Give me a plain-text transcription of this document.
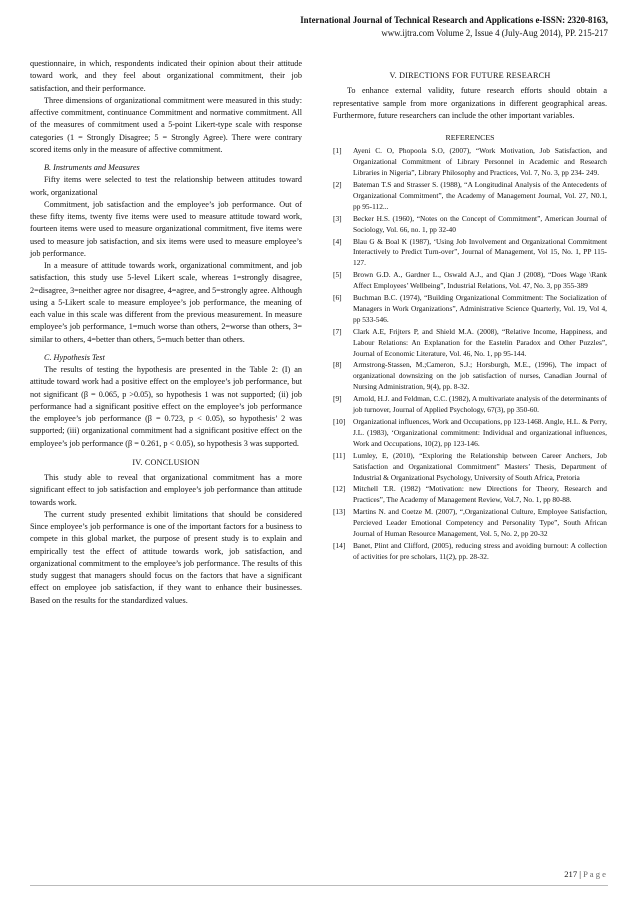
International Journal of Technical Research and Applications e-ISSN: 2320-8163,
www.ijtra.com Volume 2, Issue 4 (July-Aug 2014), PP. 215-217

questionnaire, in which, respondents indicated their opinion about their attitude toward work, and they feel about organizational commitment, their job satisfaction, and their performance.

Three dimensions of organizational commitment were measured in this study: affective commitment, continuance Commitment and normative commitment. All of the measures of commitment used a 5-point Likert-type scale with response categories (1 = Strongly Disagree; 5 = Strongly Agree). There were contrary scored items only in the measure of affective commitment.

B. Instruments and Measures

Fifty items were selected to test the relationship between attitudes toward work, organizational

Commitment, job satisfaction and the employee’s job performance. Out of these fifty items, twenty five items were used to measure attitude toward work, fourteen items were used to measure organizational commitment, five items were used to measure job satisfaction, and six items were used to measure employee’s job performance.

In a measure of attitude towards work, organizational commitment, and job satisfaction, this study use 5-level Likert scale, whereas 1=strongly disagree, 2=disagree, 3=neither agree nor disagree, 4=agree, and 5=strongly agree. Although using a 5-Likert scale to measure employee’s job performance, the meaning of each value in this scale was different from the previous measurement. In measure employee’s job performance, 1=much worse than others, 2=worse than others, 3= similar to others, 4=better than others, 5=much better than others.

C. Hypothesis Test

The results of testing the hypothesis are presented in the Table 2: (I) an attitude toward work had a positive effect on the employee’s job performance, but not significant (β = 0.065, p >0.05), so hypothesis 1 was not supported; (ii) job performance had a significant positive effect on the employee’s job performance the employee’s job performance (β = 0.723, p < 0.05), so hypothesis’ 2 was supported; (iii) organizational commitment had a significant positive effect on the employee’s job performance (β = 0.261, p < 0.05), so hypothesis 3 was supported.

IV. CONCLUSION

This study able to reveal that organizational commitment has a more significant effect to job satisfaction and employee’s job performance than attitude towards work.

The current study presented exhibit limitations that should be considered Since employee’s job performance is one of the important factors for a business to compete in this global market, the purpose of present study is to explain and empirically test the effect of attitude towards work, job satisfaction, and organizational commitment to the employee’s job performance. The results of this study suggest that managers should focus on the factors that have a significant effect on employee job satisfaction, if they want to enhance their businesses. Based on the results for the standardized values.

V. DIRECTIONS FOR FUTURE RESEARCH

To enhance external validity, future research efforts should obtain a representative sample from more organizations in different geographical areas. Furthermore, future researchers can include the other important variables.

REFERENCES
[1]	Ayeni C. O, Phopoola S.O, (2007), “Work Motivation, Job Satisfaction, and Organizational Commitment of Library Personnel in Academic and Research Libraries in Nigeria”, Library Philosophy and Practices, Vol. 7, No. 3, pp 234- 249.
[2]	Bateman T.S and Strasser S. (1988), “A Longitudinal Analysis of the Antecedents of Organizational Commitment”, the Academy of Management Journal, Vol. 27, N0.1, pp 95-112...
[3]	Becker H.S. (1960), “Notes on the Concept of Commitment”, American Journal of Sociology, Vol. 66, no. 1, pp 32-40
[4]	Blau G & Boal K (1987), ‘Using Job Involvement and Organizational Commitment Interactively to Predict Turn-over”, Journal of Management, Vol 15, No. 1, PP 115-127.
[5]	Brown G.D. A., Gardner L., Oswald A.J., and Qian J (2008), “Does Wage \Rank Affect Employees’ Wellbeing”, Industrial Relations, Vol. 47, No. 3, pp 355-389
[6]	Buchman B.C. (1974), “Building Organizational Commitment: The Socialization of Managers in Work Organizations”, Administrative Science Quarterly, Vol. 19, Vol 4, pp 533-546.
[7]	Clark A.E, Frijters P, and Shield M.A. (2008), “Relative Income, Happiness, and Labour Relations: An Explanation for the Eastelin Paradox and Other Puzzles”, Journal of Economic Literature, Vol. 46, No. 1, pp 95-144.
[8]	Armstrong-Stassen, M.;Cameron, S.J.; Horsburgh, M.E., (1996), The impact of organizational downsizing on the job satisfaction of nurses, Canadian Journal of Nursing Administration, 9(4), pp. 8-32.
[9]	Arnold, H.J. and Feldman, C.C. (1982), A multivariate analysis of the determinants of job turnover, Journal of Applied Psychology, 67(3), pp 350-60.
[10]	Organizational influences, Work and Occupations, pp 123-1468. Angle, H.L. & Perry, J.L. (1983), ‘Organizational commitment: Individual and organizational influences, Work and Occupations, 10(2), pp 123-146.
[11]	Lumley, E, (2010), “Exploring the Relationship between Career Anchers, Job Satisfaction and Organizational Commitment” Masters’ Thesis, Department of Industrial & Organizational Psychology, University of South Africa, Pretoria
[12]	Mitchell T.R. (1982) “Motivation: new Directions for Theory, Research and Practices”, The Academy of Management Review, Vol.7, No. 1, pp 80-88.
[13]	Martins N. and Coetze M. (2007), “,Organizational Culture, Employee Satisfaction, Percieved Leader Emotional Competency and Personality Type”, South African Journal of Human Resource Management, Vol. 5, No. 2, pp 20-32
[14]	Banet, Plint and Clifford, (2005), reducing stress and avoiding burnout: A collection of activities for pre scholars, 11(2), pp. 28-32.
217 | P a g e
